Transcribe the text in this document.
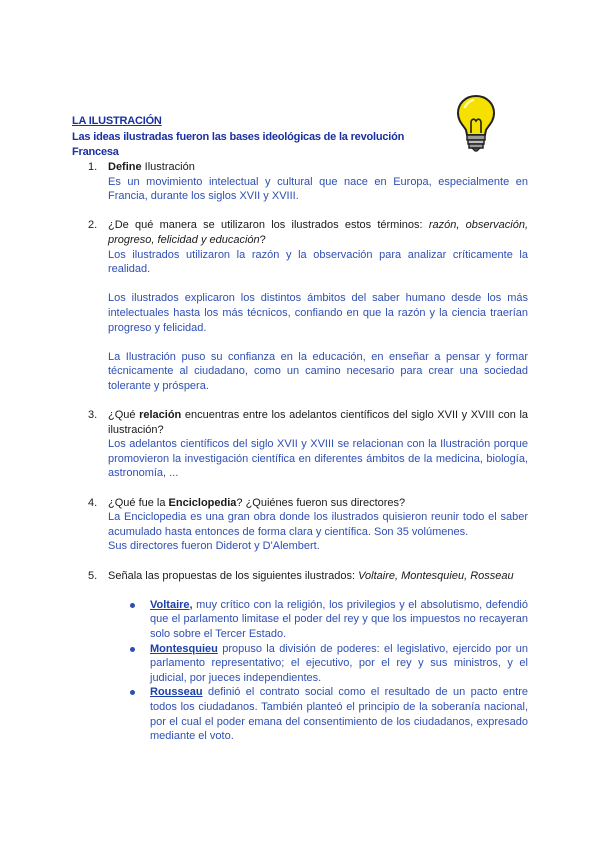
LA ILUSTRACIÓN

Las ideas ilustradas fueron las bases ideológicas de la revolución Francesa

1. Define Ilustración

Es un movimiento intelectual y cultural que nace en Europa, especialmente en Francia, durante los siglos XVII y XVIII.

2. ¿De qué manera se utilizaron los ilustrados estos términos: razón, observación, progreso, felicidad y educación?

Los ilustrados utilizaron la razón y la observación para analizar críticamente la realidad.

Los ilustrados explicaron los distintos ámbitos del saber humano desde los más intelectuales hasta los más técnicos, confiando en que la razón y la ciencia traerían progreso y felicidad.

La Ilustración puso su confianza en la educación, en enseñar a pensar y formar técnicamente al ciudadano, como un camino necesario para crear una sociedad tolerante y próspera.

3. ¿Qué relación encuentras entre los adelantos científicos del siglo XVII y XVIII con la ilustración?

Los adelantos científicos del siglo XVII y XVIII se relacionan con la Ilustración porque promovieron la investigación científica en diferentes ámbitos de la medicina, biología, astronomía, ...

4. ¿Qué fue la Enciclopedia? ¿Quiénes fueron sus directores?

La Enciclopedia es una gran obra donde los ilustrados quisieron reunir todo el saber acumulado hasta entonces de forma clara y científica. Son 35 volúmenes.

Sus directores fueron Diderot y D'Alembert.

5. Señala las propuestas de los siguientes ilustrados: Voltaire, Montesquieu, Rosseau
Voltaire, muy crítico con la religión, los privilegios y el absolutismo, defendió que el parlamento limitase el poder del rey y que los impuestos no recayeran solo sobre el Tercer Estado.
Montesquieu propuso la división de poderes: el legislativo, ejercido por un parlamento representativo; el ejecutivo, por el rey y sus ministros, y el judicial, por jueces independientes.
Rousseau definió el contrato social como el resultado de un pacto entre todos los ciudadanos. También planteó el principio de la soberanía nacional, por el cual el poder emana del consentimiento de los ciudadanos, expresado mediante el voto.
